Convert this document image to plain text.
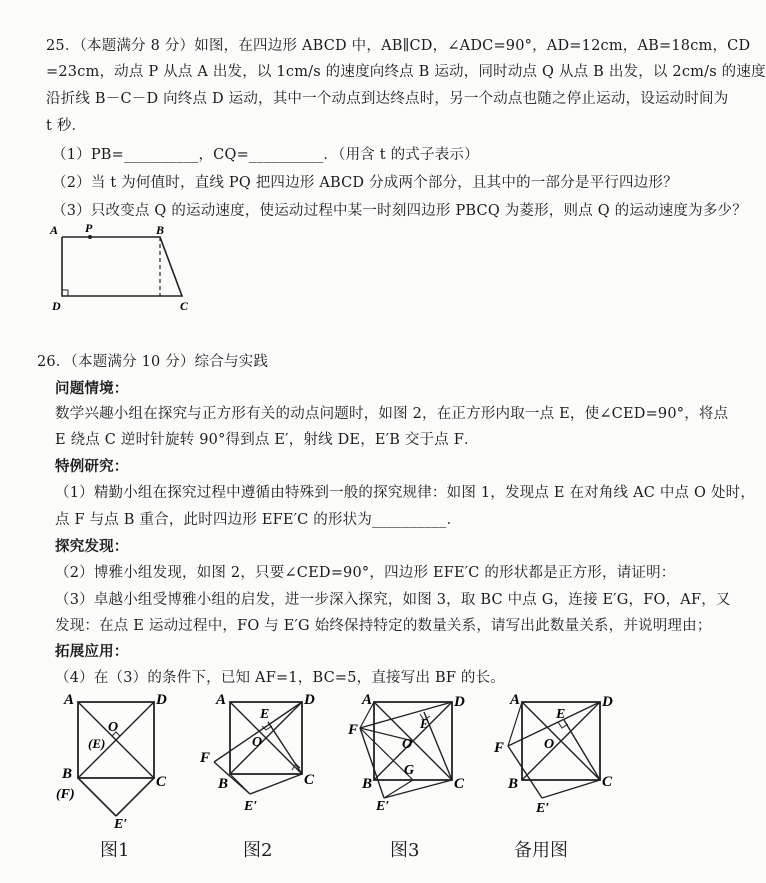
25．（本题满分 8 分）如图，在四边形 ABCD 中，AB∥CD，∠ADC=90°，AD=12cm，AB=18cm，CD
=23cm，动点 P 从点 A 出发，以 1cm/s 的速度向终点 B 运动，同时动点 Q 从点 B 出发，以 2cm/s 的速度
沿折线 B－C－D 向终点 D 运动，其中一个动点到达终点时，另一个动点也随之停止运动，设运动时间为
t 秒．
（1）PB=__________，CQ=__________．（用含 t 的式子表示）
（2）当 t 为何值时，直线 PQ 把四边形 ABCD 分成两个部分，且其中的一部分是平行四边形？
（3）只改变点 Q 的运动速度，使运动过程中某一时刻四边形 PBCQ 为菱形，则点 Q 的运动速度为多少？
A P	B
D	C
26．（本题满分 10 分）综合与实践
问题情境：
数学兴趣小组在探究与正方形有关的动点问题时，如图 2，在正方形内取一点 E，使∠CED=90°，将点
E 绕点 C 逆时针旋转 90°得到点 E′，射线 DE，E′B 交于点 F．
特例研究：
（1）精勤小组在探究过程中遵循由特殊到一般的探究规律：如图 1，发现点 E 在对角线 AC 中点 O 处时，
点 F 与点 B 重合，此时四边形 EFE′C 的形状为__________．
探究发现：
（2）博雅小组发现，如图 2，只要∠CED=90°，四边形 EFE′C 的形状都是正方形，请证明：
（3）卓越小组受博雅小组的启发，进一步深入探究，如图 3，取 BC 中点 G，连接 E′G，FO，AF，又
发现：在点 E 运动过程中，FO 与 E′G 始终保持特定的数量关系，请写出此数量关系，并说明理由；
拓展应用：
（4）在（3）的条件下，已知 AF=1，BC=5，直接写出 BF 的长。
A	D
O
(E)
B
(F)
C
E′
图1
A	D
E
O
F
B	C
E′
图2
A	D
E
F
O
G
B	C
E′
图3
A	D
E
O
F
B	C
E′
备用图
